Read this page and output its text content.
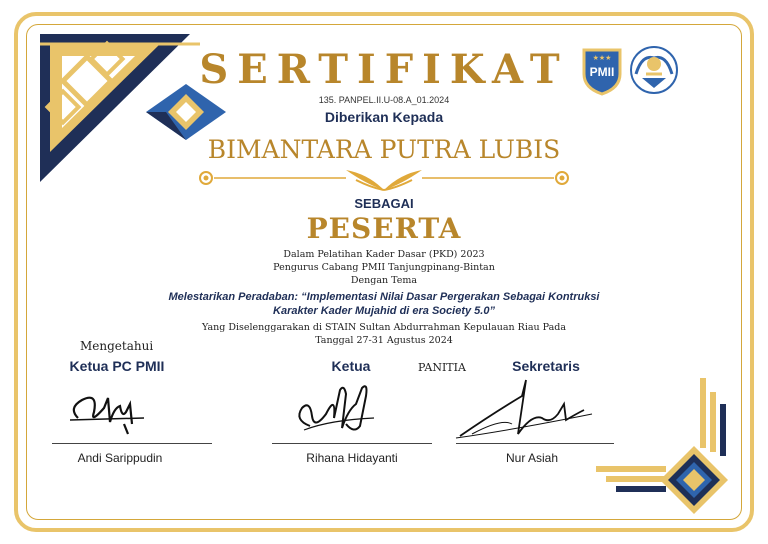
PMII
★★★
SERTIFIKAT
135. PANPEL.II.U-08.A_01.2024
Diberikan Kepada
BIMANTARA PUTRA LUBIS
SEBAGAI
PESERTA
Dalam Pelatihan Kader Dasar (PKD) 2023
Pengurus Cabang PMII Tanjungpinang-Bintan
Dengan Tema
Melestarikan Peradaban: “Implementasi Nilai Dasar Pergerakan Sebagai Kontruksi
Karakter Kader Mujahid di era Society 5.0”
Yang Diselenggarakan di STAIN Sultan Abdurrahman Kepulauan Riau Pada
Tanggal 27-31 Agustus 2024
Mengetahui
Ketua PC PMII	Ketua	PANITIA	Sekretaris
Andi Sarippudin	Rihana Hidayanti	Nur Asiah
